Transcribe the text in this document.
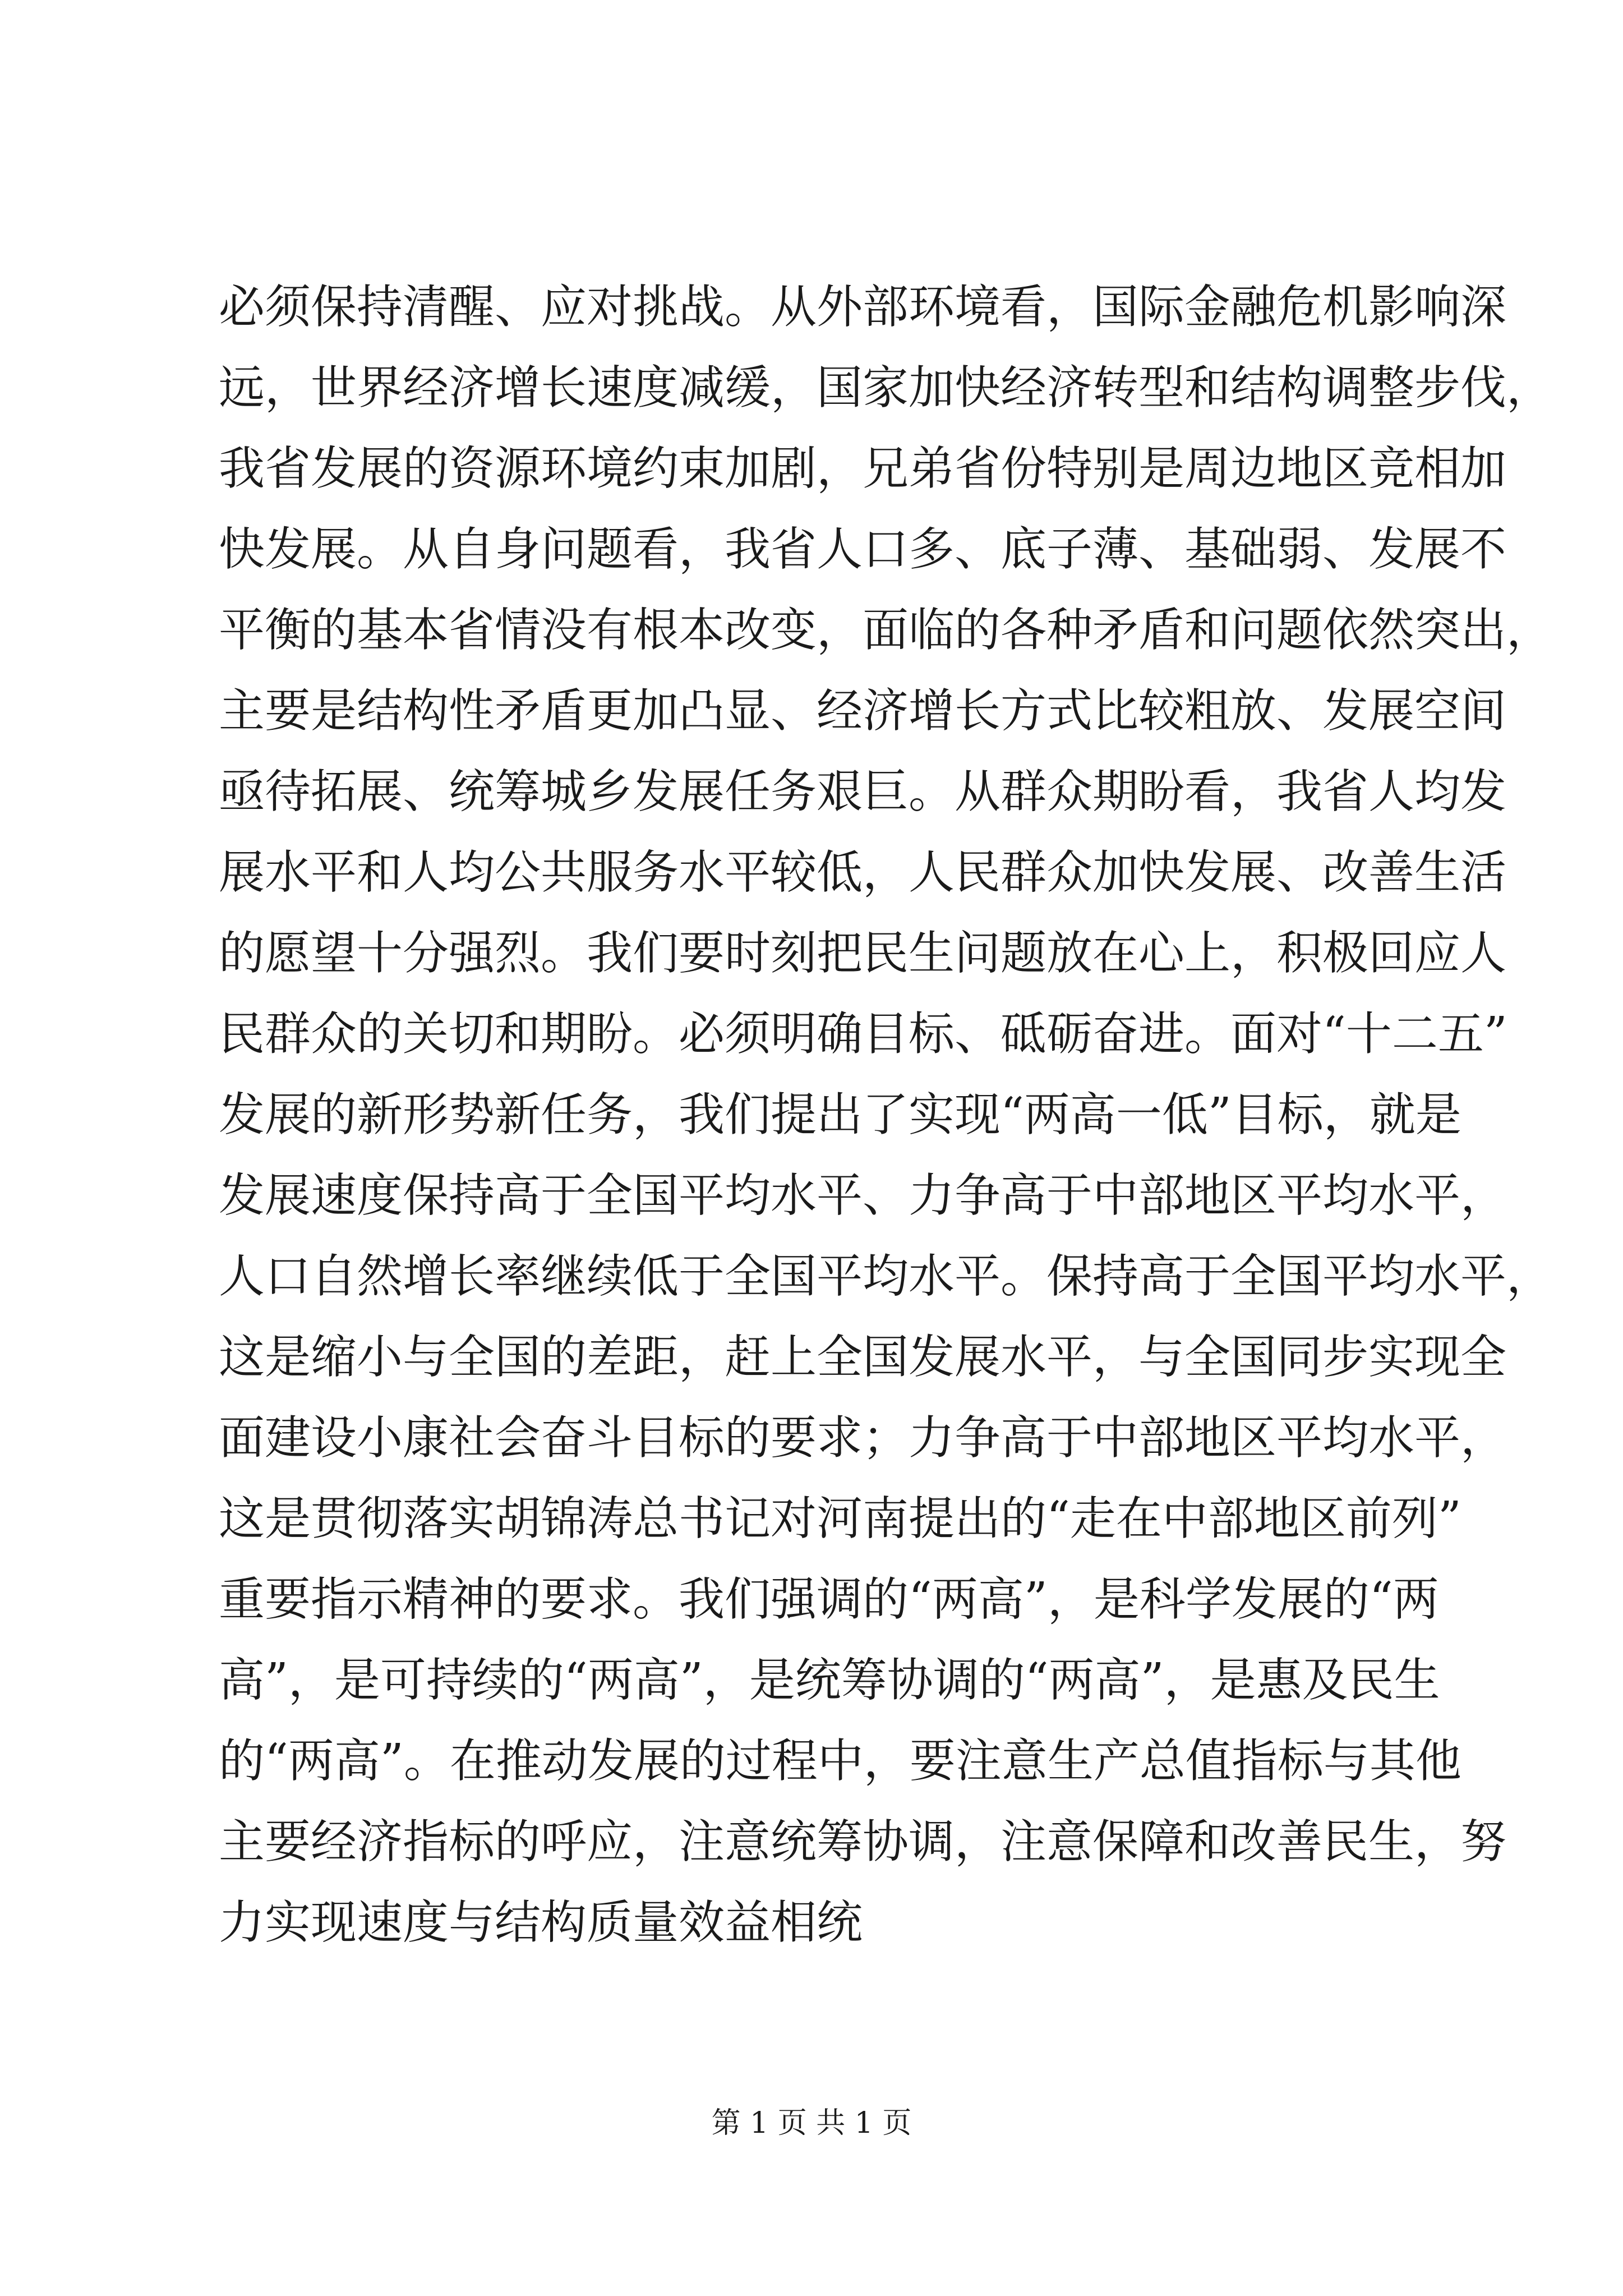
必须保持清醒、应对挑战。从外部环境看，国际金融危机影响深
远，世界经济增长速度减缓，国家加快经济转型和结构调整步伐，
我省发展的资源环境约束加剧，兄弟省份特别是周边地区竞相加
快发展。从自身问题看，我省人口多、底子薄、基础弱、发展不
平衡的基本省情没有根本改变，面临的各种矛盾和问题依然突出，
主要是结构性矛盾更加凸显、经济增长方式比较粗放、发展空间
亟待拓展、统筹城乡发展任务艰巨。从群众期盼看，我省人均发
展水平和人均公共服务水平较低，人民群众加快发展、改善生活
的愿望十分强烈。我们要时刻把民生问题放在心上，积极回应人
民群众的关切和期盼。必须明确目标、砥砺奋进。面对“十二五”
发展的新形势新任务，我们提出了实现“两高一低”目标，就是
发展速度保持高于全国平均水平、力争高于中部地区平均水平，
人口自然增长率继续低于全国平均水平。保持高于全国平均水平，
这是缩小与全国的差距，赶上全国发展水平，与全国同步实现全
面建设小康社会奋斗目标的要求；力争高于中部地区平均水平，
这是贯彻落实胡锦涛总书记对河南提出的“走在中部地区前列”
重要指示精神的要求。我们强调的“两高”，是科学发展的“两
高”，是可持续的“两高”，是统筹协调的“两高”，是惠及民生
的“两高”。在推动发展的过程中，要注意生产总值指标与其他
主要经济指标的呼应，注意统筹协调，注意保障和改善民生，努
力实现速度与结构质量效益相统
第 1 页 共 1 页
